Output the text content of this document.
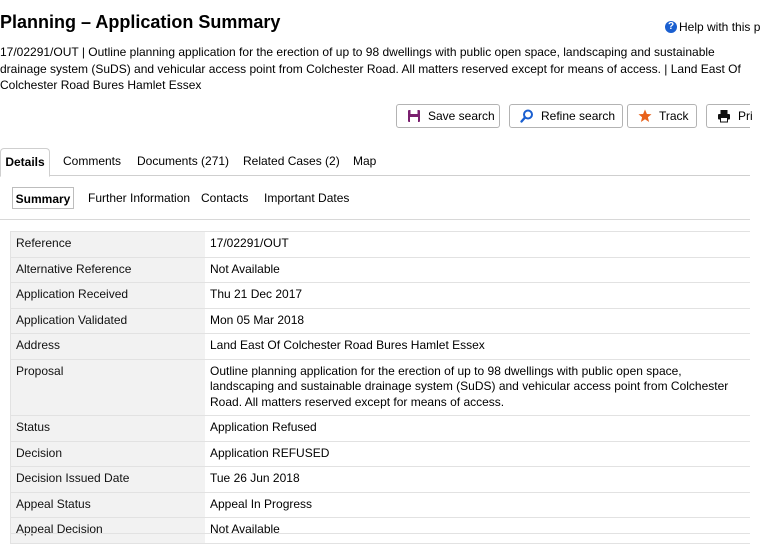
Planning – Application Summary	? Help with this p

17/02291/OUT | Outline planning application for the erection of up to 98 dwellings with public open space, landscaping and sustainable drainage system (SuDS) and vehicular access point from Colchester Road. All matters reserved except for means of access. | Land East Of Colchester Road Bures Hamlet Essex

Save search	Refine search	Track	Pri
Details	Comments Documents (271) Related Cases (2) Map
Summary	Further Information Contacts Important Dates
Reference	17/02291/OUT
Alternative Reference	Not Available
Application Received	Thu 21 Dec 2017
Application Validated	Mon 05 Mar 2018
Address	Land East Of Colchester Road Bures Hamlet Essex
Proposal	Outline planning application for the erection of up to 98 dwellings with public open space, landscaping and sustainable drainage system (SuDS) and vehicular access point from Colchester Road. All matters reserved except for means of access.
Status	Application Refused
Decision	Application REFUSED
Decision Issued Date	Tue 26 Jun 2018
Appeal Status	Appeal In Progress
Appeal Decision	Not Available
